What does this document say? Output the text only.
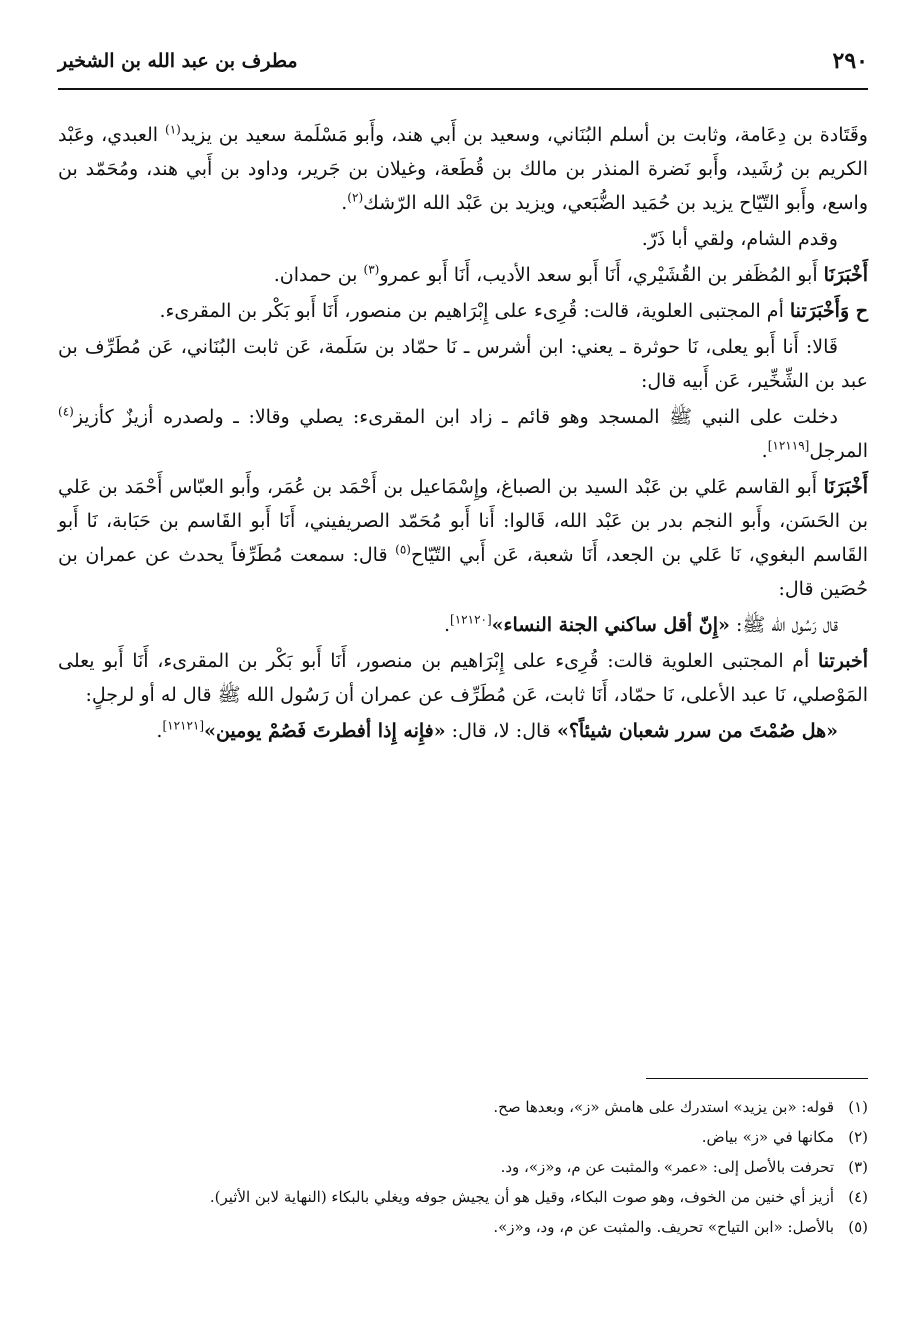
٢٩٠
مطرف بن عبد الله بن الشخير

وقَتَادة بن دِعَامة، وثابت بن أسلم البُنَاني، وسعيد بن أَبي هند، وأَبو مَسْلَمة سعيد بن يزيد$^{(١)}$ العبدي، وعَبْد الكريم بن رُشَيد، وأَبو نَضرة المنذر بن مالك بن قُطَعة، وغيلان بن جَرير، وداود بن أَبي هند، ومُحَمّد بن واسع، وأَبو التّيّاح يزيد بن حُمَيد الضُّبَعي، ويزيد بن عَبْد الله الرّشك$^{(٢)}$.

وقدم الشام، ولقي أبا ذَرّ.

أَخْبَرَنَا أَبو المُظَفر بن القُشَيْري، أَنَا أَبو سعد الأديب، أَنَا أَبو عمرو$^{(٣)}$ بن حمدان.

ح وَأَخْبَرَتنا أم المجتبى العلوية، قالت: قُرِىء على إِبْرَاهيم بن منصور، أَنَا أَبو بَكْر بن المقرىء.

قَالا: أَنا أَبو يعلى، نَا حوثرة ـ يعني: ابن أشرس ـ نَا حمّاد بن سَلَمة، عَن ثابت البُنَاني، عَن مُطَرِّف بن عبد بن الشِّخِّير، عَن أَبيه قال:

دخلت على النبي ﷺ المسجد وهو قائم ـ زاد ابن المقرىء: يصلي وقالا: ـ ولصدره أزيزٌ كأزيز$^{(٤)}$ المرجل[١٢١١٩].

أَخْبَرَنَا أَبو القاسم عَلي بن عَبْد السيد بن الصباغ، وإِسْمَاعيل بن أَحْمَد بن عُمَر، وأَبو العبّاس أَحْمَد بن عَلي بن الحَسَن، وأَبو النجم بدر بن عَبْد الله، قَالوا: أَنا أَبو مُحَمّد الصريفيني، أَنَا أَبو القَاسم بن حَبَابة، نَا أَبو القَاسم البغوي، نَا عَلي بن الجعد، أَنَا شعبة، عَن أَبي التّيّاح$^{(٥)}$ قال: سمعت مُطَرِّفاً يحدث عن عمران بن حُصَين قال:

قال رَسُول الله ﷺ: «إِنّ أقل ساكني الجنة النساء»[١٢١٢٠].

أخبرتنا أم المجتبى العلوية قالت: قُرِىء على إِبْرَاهيم بن منصور، أَنَا أَبو بَكْر بن المقرىء، أَنَا أَبو يعلى المَوْصلي، نَا عبد الأعلى، نَا حمّاد، أَنَا ثابت، عَن مُطَرِّف عن عمران أن رَسُول الله ﷺ قال له أو لرجلٍ:

«هل صُمْتَ من سرر شعبان شيئاً؟» قال: لا، قال: «فإِنه إِذا أفطرتَ فَصُمْ يومين»[١٢١٢١].

(١)
قوله: «بن يزيد» استدرك على هامش «ز»، وبعدها صح.
(٢)
مكانها في «ز» بياض.
(٣)
تحرفت بالأصل إلى: «عمر» والمثبت عن م، و«ز»، ود.
(٤)
أزيز أي خنين من الخوف، وهو صوت البكاء، وقيل هو أن يجيش جوفه ويغلي بالبكاء (النهاية لابن الأثير).
(٥)
بالأصل: «ابن التياح» تحريف. والمثبت عن م، ود، و«ز».
